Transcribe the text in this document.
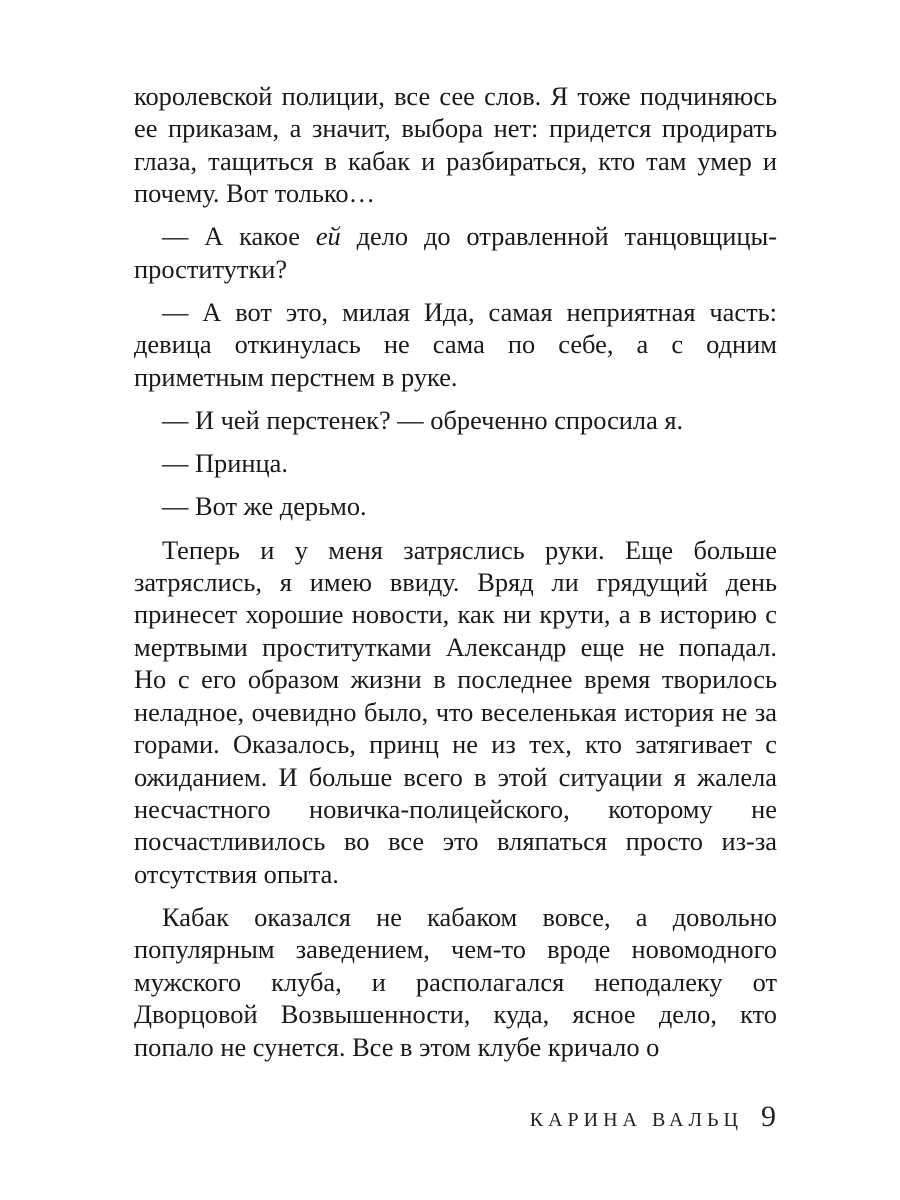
королевской полиции, все сее слов. Я тоже подчиняюсь ее приказам, а значит, выбора нет: придется продирать глаза, тащиться в кабак и разбираться, кто там умер и почему. Вот только…

— А какое ей дело до отравленной танцовщицы-проститутки?

— А вот это, милая Ида, самая неприятная часть: девица откинулась не сама по себе, а с одним приметным перстнем в руке.

— И чей перстенек? — обреченно спросила я.

— Принца.

— Вот же дерьмо.

Теперь и у меня затряслись руки. Еще больше затряслись, я имею ввиду. Вряд ли грядущий день принесет хорошие новости, как ни крути, а в историю с мертвыми проститутками Александр еще не попадал. Но с его образом жизни в последнее время творилось неладное, очевидно было, что веселенькая история не за горами. Оказалось, принц не из тех, кто затягивает с ожиданием. И больше всего в этой ситуации я жалела несчастного новичка-полицейского, которому не посчастливилось во все это вляпаться просто из-за отсутствия опыта.

Кабак оказался не кабаком вовсе, а довольно популярным заведением, чем-то вроде новомодного мужского клуба, и располагался неподалеку от Дворцовой Возвышенности, куда, ясное дело, кто попало не сунется. Все в этом клубе кричало о

КАРИНА ВАЛЬЦ 9
